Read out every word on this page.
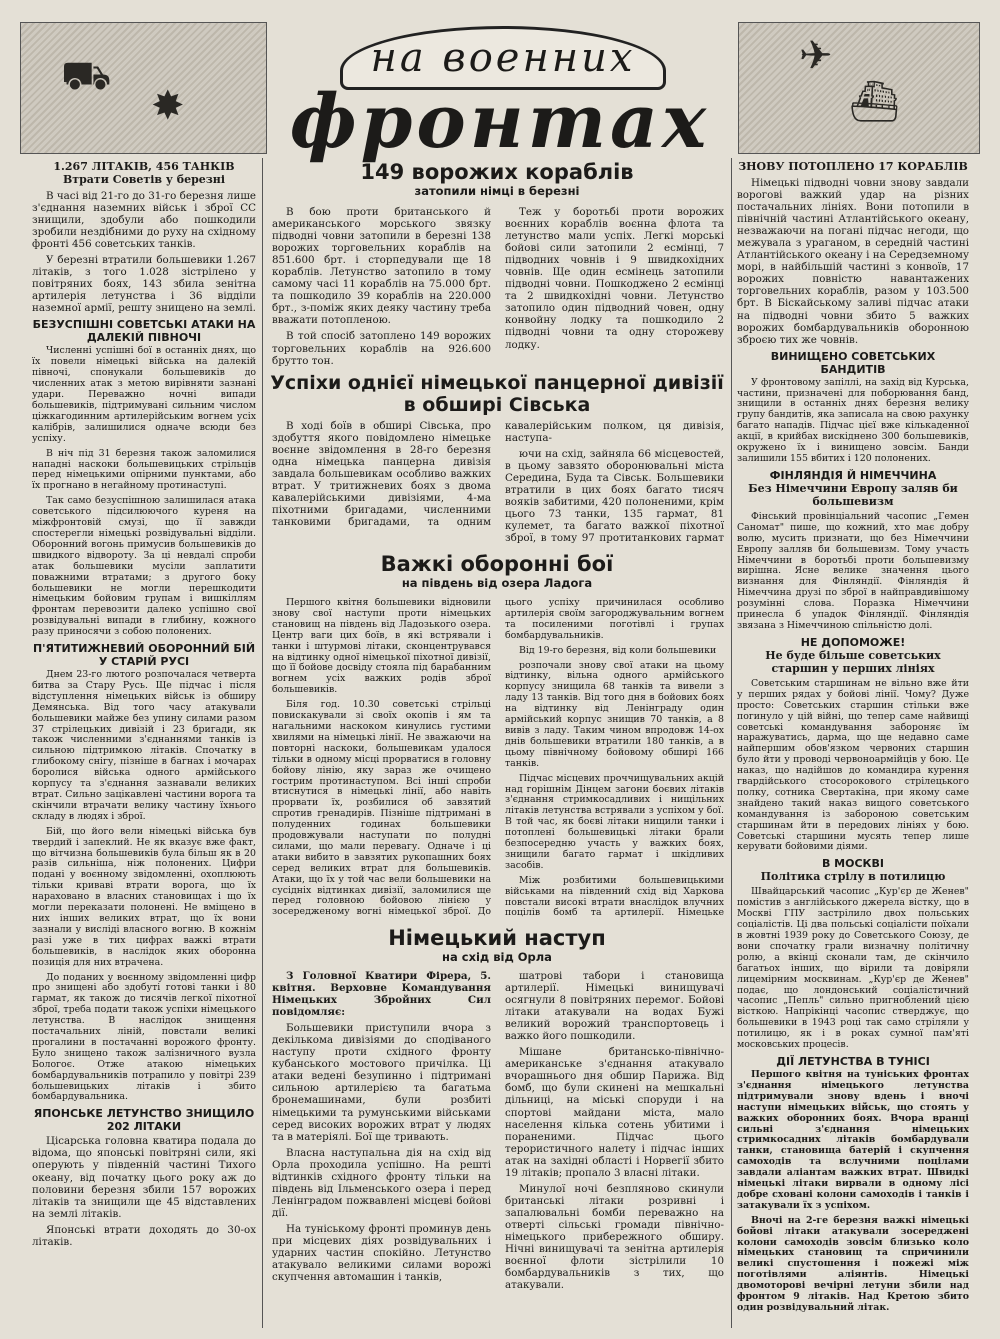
⛟
✸
на военних
фронтах
✈
⛴
1.267 ЛІТАКІВ, 456 ТАНКІВ
Втрати Советів у березні

В часі від 21-го до 31-го березня лише з'єднання наземних військ і зброї СС знищили, здобули або пошкодили зробили нездібними до руху на східному фронті 456 советських танків.

У березні втратили большевики 1.267 літаків, з того 1.028 зістрілено у повітряних боях, 143 збила зенітна артилерія летунства і 36 відділи наземної армії, решту знищено на землі.

БЕЗУСПІШНІ СОВЕТСЬКІ АТАКИ НА ДАЛЕКІЙ ПІВНОЧІ

Численні успішні бої в останніх днях, що їх повели німецькі війська на далекій півночі, спонукали большевиків до численних атак з метою вирівняти зазнані удари. Переважно ночні випади большевиків, підтримувані сильним числом ціжкагодинним артилерійським вогнем усіх калібрів, залишилися одначе всюди без успіху.

В ніч під 31 березня також заломилися нападні наскоки большевицьких стрільців перед німецькими опірними пунктами, або їх прогнано в негайному протинаступі.

Так само безуспішною залишилася атака советського підсилюючого куреня на міжфронтовій смузі, що її завжди спостерегли німецькі розвідувальні відділи. Оборонний вогонь примусив большевиків до швидкого відвороту. За ці невдалі спроби атак большевики мусіли заплатити поважними втратами; з другого боку большевики не могли перешкодити німецьким бойовим групам і вишкіллям фронтам перевозити далеко успішно свої розвідувальні випади в глибину, кожного разу приносячи з собою полонених.

П'ЯТИТИЖНЕВИЙ ОБОРОННИЙ БІЙ У СТАРІЙ РУСІ

Днем 23-го лютого розпочалася четверта битва за Стару Русь. Ще підчас і після відступлення німецьких військ із обширу Демянська. Від того часу атакували большевики майже без упину силами разом 37 стрілецьких дивізій і 23 бригади, як також численними з'єднаннями танків із сильною підтримкою літаків. Спочатку в глибокому снігу, пізніше в багнах і мочарах боролися війська одного армійського корпусу та з'єднання зазнавали великих втрат. Сильно зацікавлені частини ворога та скінчили втрачати велику частину їхнього складу в людях і зброї.

Бій, що його вели німецькі війська був твердий і запеклий. Не як вказує вже факт, що вітчизна большевиків була більш як в 20 разів сильніша, ніж полонених. Цифри подані у воєнному звідомленні, охоплюють тільки криваві втрати ворога, що їх нараховано в власних становищах і що їх могли переказати полонені. Не вміщено в них інших великих втрат, що їх вони зазнали у висліді власного вогню. В кожнім разі уже в тих цифрах важкі втрати большевиків, в наслідок яких оборонна позиція для них втрачена.

До поданих у воєнному звідомленні цифр про знищені або здобуті готові танки і 80 гармат, як також до тисячів легкої піхотної зброї, треба подати також успіхи німецького летунства. В наслідок знищення постачальних ліній, повстали великі прогалини в постачанні ворожого фронту. Було знищено також залізничного вузла Бологоє. Отже атакою німецьких бомбардувальників потрапило у повітрі 239 большевицьких літаків і збито бомбардувальника.

ЯПОНСЬКЕ ЛЕТУНСТВО ЗНИЩИЛО 202 ЛІТАКИ

Цісарська головна кватира подала до відома, що японські повітряні сили, які оперують у південній частині Тихого океану, від початку цього року аж до половини березня збили 157 ворожих літаків та знищили ще 45 відставлених на землі літаків.

Японські втрати доходять до 30-ох літаків.

149 ворожих кораблів
затопили німці в березні

В бою проти британського й американського морського звязку підводні човни затопили в березні 138 ворожих торговельних кораблів на 851.600 брт. і сторпедували ще 18 кораблів. Летунство затопило в тому самому часі 11 кораблів на 75.000 брт. та пошкодило 39 кораблів на 220.000 брт., з-поміж яких деяку частину треба вважати потопленою.

В той спосіб затоплено 149 ворожих торговельних кораблів на 926.600 брутто тон.

Теж у боротьбі проти ворожих воєнних кораблів воєнна флота та летунство мали успіх. Легкі морські бойові сили затопили 2 есмінці, 7 підводних човнів і 9 швидкохідних човнів. Ще один есмінець затопили підводні човни. Пошкоджено 2 есмінці та 2 швидкохідні човни. Летунство затопило один підводний човен, одну конвойну лодку та пошкодило 2 підводні човни та одну сторожеву лодку.

Успіхи однієї німецької панцерної дивізії в обширі Сівська

В ході боїв в обширі Сівська, про здобуття якого повідомлено німецьке воєнне звідомлення в 28-го березня одна німецька панцерна дивізія завдала большевикам особливо важких втрат. У тритижневих боях з двома кавалерійськими дивізіями, 4-ма піхотними бригадами, численними танковими бригадами, та одним кавалерійським полком, ця дивізія, наступа-

ючи на схід, зайняла 66 місцевостей, в цьому завзято оборонювальні міста Середина, Буда та Сівськ. Большевики втратили в цих боях багато тисяч вояків забитими, 420 полоненими, крім цього 73 танки, 135 гармат, 81 кулемет, та багато важкої піхотної зброї, в тому 97 протитанкових гармат

Важкі оборонні бої
на південь від озера Ладога

Першого квітня большевики відновили знову свої наступи проти німецьких становищ на південь від Ладозького озера. Центр ваги цих боїв, в які встрявали і танки і штурмові літаки, сконцентрувався на відтинку одної німецької піхотної дивізії, що її бойове досвіду стояла під барабанним вогнем усіх важких родів зброї большевиків.

Біля год. 10.30 советські стрільці повискакували зі своїх окопів і ям та нагальними наскоком кинулись густими хвилями на німецькі лінії. Не зважаючи на повторні наскоки, большевикам удалося тільки в одному місці прорватися в головну бойову лінію, яку зараз же очищено гострим протинаступом. Всі інші спроби втиснутися в німецькі лінії, або навіть прорвати їх, розбилися об завзятий спротив гренадирів. Пізніше підтримані в полуденних годинах большевики продовжували наступати по полудні силами, що мали перевагу. Одначе і ці атаки вибито в завзятих рукопашних боях серед великих втрат для большевиків. Атаки, що їх у той час вели большевики на сусідніх відтинках дивізії, заломилися ще перед головною бойовою лінією у зосередженому вогні німецької зброї. До цього успіху причинилася особливо артилерія своїм загороджувальним вогнем та посиленими поготівлі і групах бомбардувальників.

Від 19-го березня, від коли большевики

розпочали знову свої атаки на цьому відтинку, вільна одного армійського корпусу знищила 68 танків та вивели з ладу 13 танків. Від того дня в бойових боях на відтинку від Ленінграду один армійський корпус знищив 70 танків, а 8 вивів з ладу. Таким чином впродовж 14-ох днів большевики втратили 180 танків, а в цьому північному бойовому обширі 166 танків.

Підчас місцевих проччищувальних акцій над горішнім Дінцем загони боєвих літаків з'єднання стримкосадливих і нищільних літаків летунства встрявали з успіхом у бої. В той час, як боєві літаки нищили танки і потоплені большевицькі літаки брали безпосередню участь у важких боях, знищили багато гармат і шкідливих засобів.

Між розбитими большевицькими військами на південний схід від Харкова повстали високі втрати внаслідок влучних поцілів бомб та артилерії. Німецьке

Німецький наступ
на схід від Орла

З Головної Кватири Фірера, 5. квітня. Верховне Командування Німецьких Збройних Сил повідомляє:

Большевики приступили вчора з декількома дивізіями до сподіваного наступу проти східного фронту кубанського мостового причілка. Ці атаки ведені безупинно і підтримані сильною артилерією та багатьма бронемашинами, були розбиті німецькими та румунськими військами серед високих ворожих втрат у людях та в матеріялі. Бої ще тривають.

Власна наступальна дія на схід від Орла проходила успішно. На решті відтинків східного фронту тільки на південь від Ільменського озера і перед Ленінградом пожвавлені місцеві бойові дії.

На туніському фронті проминув день при місцевих діях розвідувальних і ударних частин спокійно. Летунство атакувало великими силами ворожі скупчення автомашин і танків,

шатрові табори і становища артилерії. Німецькі винищувачі осягнули 8 повітряних перемог. Бойові літаки атакували на водах Бужі великий ворожий транспортовець і важко його пошкодили.

Мішане британсько-північно-американське з'єднання атакувало вчорашнього дня обшир Парижа. Від бомб, що були скинені на мешкальні дільниці, на міські споруди і на спортові майдани міста, мало населення кілька сотень убитими і пораненими. Підчас цього терористичного налету і підчас інших атак на західні області і Норвегії збито 19 літаків; пропало 3 власні літаки.

Минулої ночі безпляново скинули британські літаки розривні і запалювальні бомби переважно на отверті сільські громади північно-німецького прибережного обширу. Нічні винищувачі та зенітна артилерія воєнної флоти зістрілили 10 бомбардувальників з тих, що атакували.

ЗНОВУ ПОТОПЛЕНО 17 КОРАБЛІВ

Німецькі підводні човни знову завдали ворогові важкий удар на різних постачальних лініях. Вони потопили в північній частині Атлантійського океану, незважаючи на погані підчас негоди, що межувала з ураганом, в середній частині Атлантійського океану і на Середземному морі, в найбільшій частині з конвоїв, 17 ворожих повністю навантажених торговельних кораблів, разом у 103.500 брт. В Біскайському заливі підчас атаки на підводні човни збито 5 важких ворожих бомбардувальників оборонною зброєю тих же човнів.

ВИНИЩЕНО СОВЕТСЬКИХ БАНДИТІВ

У фронтовому запіллі, на захід від Курська, частини, призначені для поборювання банд, знищили в останніх днях березня велику групу бандитів, яка записала на свою рахунку багато нападів. Підчас цієї вже кількаденної акції, в крийбах вискіднено 300 большевиків, окружено їх і винищено зовсім. Банди залишили 155 вбитих і 120 полонених.

ФІНЛЯНДІЯ Й НІМЕЧЧИНА
Без Німеччини Европу заляв би большевизм

Фінський провінціальний часопис „Гемен Саномат" пише, що кожний, хто має добру волю, мусить признати, що без Німеччини Европу залляв би большевизм. Тому участь Німеччини в боротьбі проти большевизму вирішна. Ясне велике значення цього визнання для Фінляндії. Фінляндія й Німеччина друзі по зброї в найправдивішому розумінні слова. Поразка Німеччини принесла б упадок Фінляндії. Фінляндія звязана з Німеччиною спільністю долі.

НЕ ДОПОМОЖЕ!
Не буде більше советських старшин у перших лініях

Советським старшинам не вільно вже йти у перших рядах у бойові лінії. Чому? Дуже просто: Советських старшин стільки вже погинуло у цій війні, що тепер саме найвищі советські командування забороняє їм наражуватись, дарма, що ще недавно саме найпершим обов'язком червоних старшин було йти у проводі червоноармійців у бою. Це наказ, що надійшов до командира курення гвардійського стосорокового стрілецького полку, сотника Свертакіна, при якому саме знайдено такий наказ вищого советського командування із забороною советським старшинам йти в передових лініях у бою. Советські старшини мусять тепер лише керувати бойовими діями.

В МОСКВІ
Політика стрілу в потилицю

Швайцарський часопис „Кур'єр де Женев" помістив з англійського джерела вістку, що в Москві ГПУ застрілило двох польських соціалістів. Ці два польські соціалісти поїхали в жовтні 1939 року до Советського Союзу, де вони спочатку грали визначну політичну ролю, а вкінці сконали там, де скінчило багатьох інших, що вірили та довіряли лицемірним москвинам. „Кур'єр де Женев" подає, що лондонський соціалістичний часопис „Пепль" сильно пригноблений цією вісткою. Напрікінці часопис стверджує, що большевики в 1943 році так само стріляли у потилицю, як і в роках сумної пам'яті московських процесів.

ДІЇ ЛЕТУНСТВА В ТУНІСІ

Першого квітня на туніських фронтах з'єднання німецького летунства підтримували знову вдень і вночі наступи німецьких військ, що стоять у важких оборонних боях. Вчора вранці сильні з'єднання німецьких стримкосадних літаків бомбардували танки, становища батерій і скупчення самоходів та вслучними поцілами завдали аліантам важких втрат. Швидкі німецькі літаки вирвали в одному лісі добре сховані колони самоходів і танків і затакували їх з успіхом.

Вночі на 2-ге березня важкі німецькі бойові літаки атакували зосереджені колони самоходів зовсім близько коло німецьких становищ та спричинили великі спустошення і пожежі між поготівлями аліянтів. Німецькі двомоторові вечірні летуни збили над фронтом 9 літаків. Над Кретою збито один розвідувальний літак.
